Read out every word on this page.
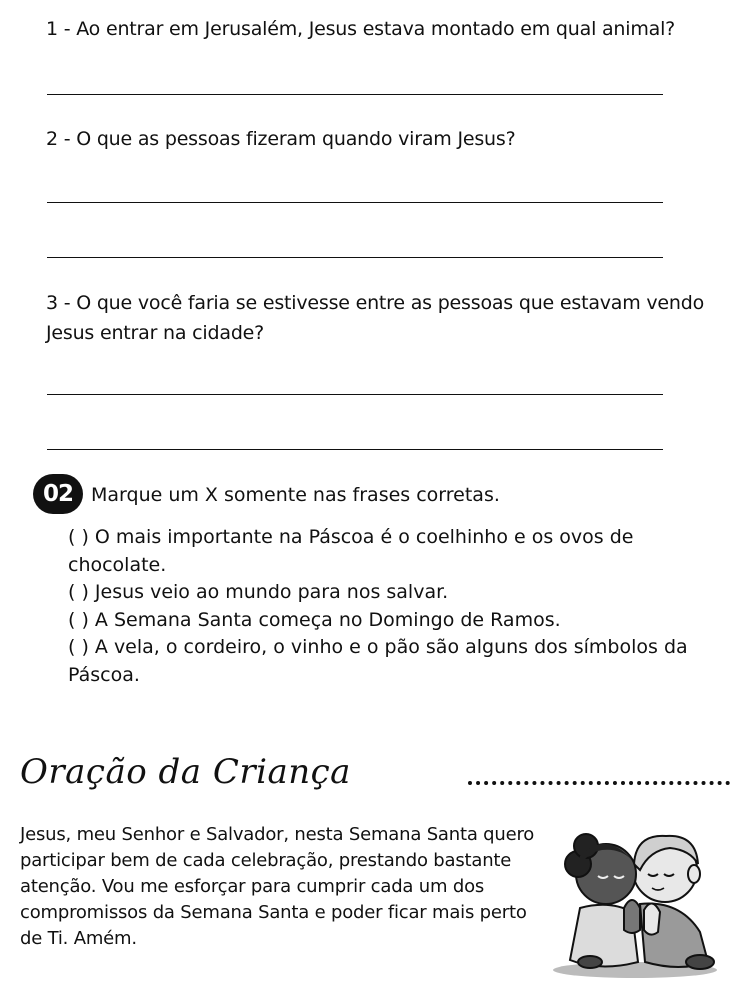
1 - Ao entrar em Jerusalém, Jesus estava montado em qual animal?
2 - O que as pessoas fizeram quando viram Jesus?
3 - O que você faria se estivesse entre as pessoas que estavam vendo Jesus entrar na cidade?
02 Marque um X somente nas frases corretas.
( ) O mais importante na Páscoa é o coelhinho e os ovos de chocolate.
( ) Jesus veio ao mundo para nos salvar.
( ) A Semana Santa começa no Domingo de Ramos.
( ) A vela, o cordeiro, o vinho e o pão são alguns dos símbolos da Páscoa.
Oração da Criança
Jesus, meu Senhor e Salvador, nesta Semana Santa quero participar bem de cada celebração, prestando bastante atenção. Vou me esforçar para cumprir cada um dos compromissos da Semana Santa e poder ficar mais perto de Ti. Amém.
